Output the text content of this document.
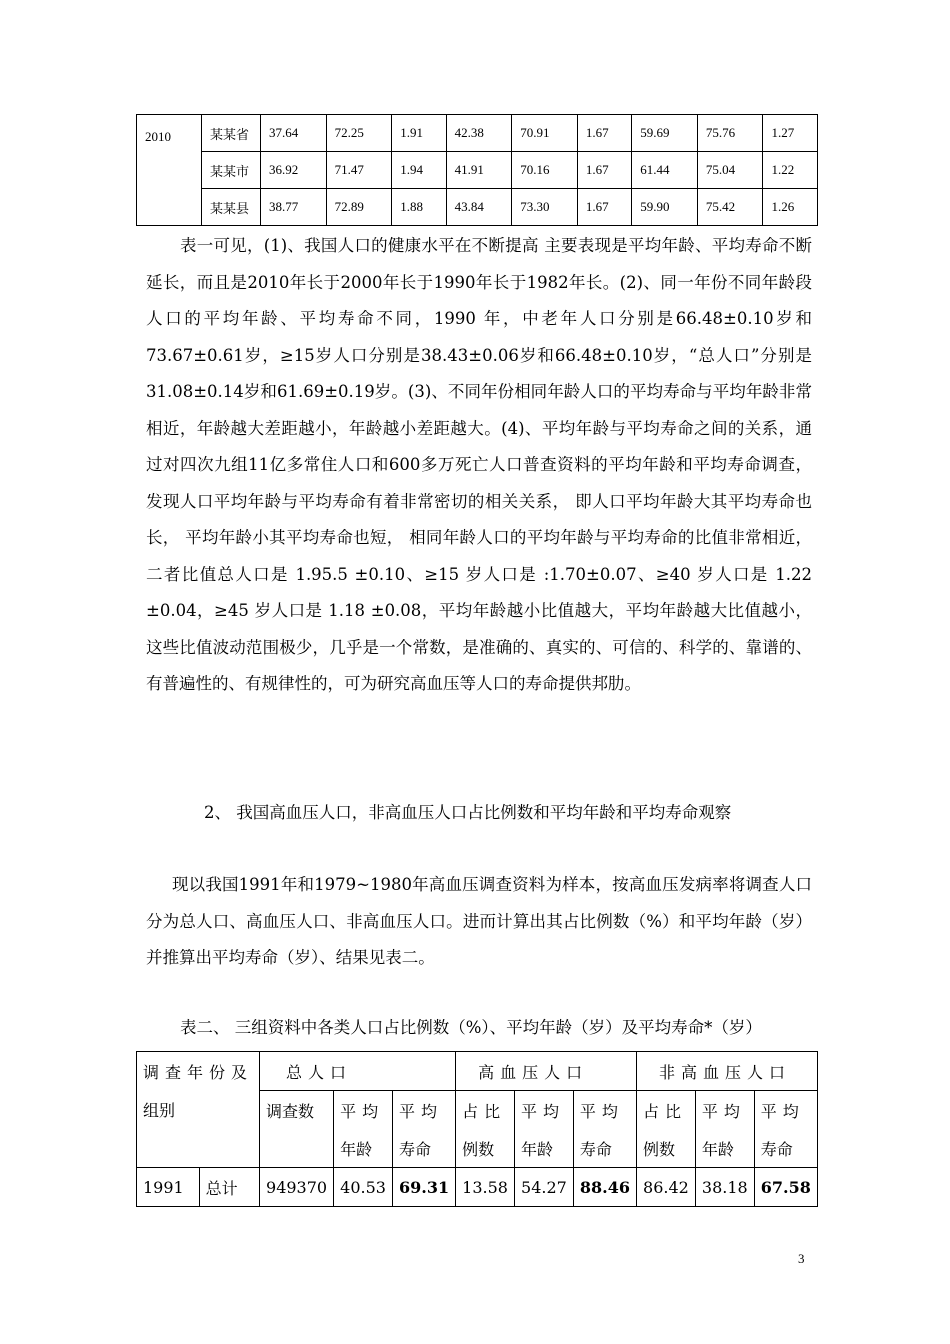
2010	某某省	37.64	72.25	1.91	42.38	70.91	1.67	59.69	75.76	1.27
	某某市	36.92	71.47	1.94	41.91	70.16	1.67	61.44	75.04	1.22
	某某县	38.77	72.89	1.88	43.84	73.30	1.67	59.90	75.42	1.26

表一可见，(1)、我国人口的健康水平在不断提高 主要表现是平均年龄、平均寿命不断延长，而且是2010年长于2000年长于1990年长于1982年长。(2)、同一年份不同年龄段人口的平均年龄、平均寿命不同，1990 年，中老年人口分别是66.48±0.10岁和73.67±0.61岁，≥15岁人口分别是38.43±0.06岁和66.48±0.10岁，“总人口”分别是31.08±0.14岁和61.69±0.19岁。(3)、不同年份相同年龄人口的平均寿命与平均年龄非常相近，年龄越大差距越小，年龄越小差距越大。(4)、平均年龄与平均寿命之间的关系，通过对四次九组11亿多常住人口和600多万死亡人口普查资料的平均年龄和平均寿命调查， 发现人口平均年龄与平均寿命有着非常密切的相关关系， 即人口平均年龄大其平均寿命也长， 平均年龄小其平均寿命也短， 相同年龄人口的平均年龄与平均寿命的比值非常相近， 二者比值总人口是 1.95.5 ±0.10、≥15 岁人口是 :1.70±0.07、≥40 岁人口是 1.22 ±0.04，≥45 岁人口是 1.18 ±0.08，平均年龄越小比值越大，平均年龄越大比值越小，这些比值波动范围极少，几乎是一个常数，是准确的、真实的、可信的、科学的、靠谱的、有普遍性的、有规律性的，可为研究高血压等人口的寿命提供邦肋。

2、 我国高血压人口，非高血压人口占比例数和平均年龄和平均寿命观察

现以我国1991年和1979~1980年高血压调查资料为样本，按高血压发病率将调查人口分为总人口、高血压人口、非高血压人口。进而计算出其占比例数（%）和平均年龄（岁）并推算出平均寿命（岁）、结果见表二。

表二、 三组资料中各类人口占比例数（%）、平均年龄（岁）及平均寿命*（岁）

调查年份及		总人口			高血压人口			非高血压人口		
组别		调查数	平均	平均	占比	平均	平均	占比	平均	平均
			年龄	寿命	例数	年龄	寿命	例数	年龄	寿命
1991	总计	949370	40.53	69.31	13.58	54.27	88.46	86.42	38.18	67.58
3
